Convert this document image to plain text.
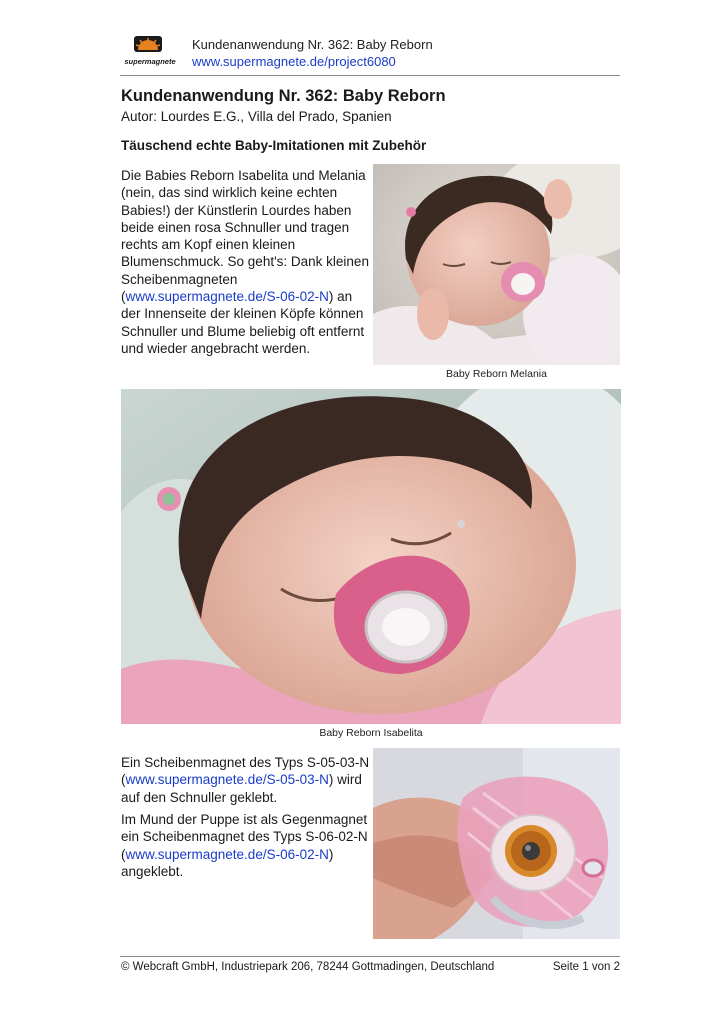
supermagnete
Kundenanwendung Nr. 362: Baby Reborn
www.supermagnete.de/project6080
Kundenanwendung Nr. 362: Baby Reborn
Autor: Lourdes E.G., Villa del Prado, Spanien
Täuschend echte Baby-Imitationen mit Zubehör
Die Babies Reborn Isabelita und Melania (nein, das sind wirklich keine echten Babies!) der Künstlerin Lourdes haben beide einen rosa Schnuller und tragen rechts am Kopf einen kleinen Blumenschmuck. So geht's: Dank kleinen Scheibenmagneten (www.supermagnete.de/S-06-02-N) an der Innenseite der kleinen Köpfe können Schnuller und Blume beliebig oft entfernt und wieder angebracht werden.
Baby Reborn Melania
Baby Reborn Isabelita
Ein Scheibenmagnet des Typs S-05-03-N (www.supermagnete.de/S-05-03-N) wird auf den Schnuller geklebt.
Im Mund der Puppe ist als Gegenmagnet ein Scheibenmagnet des Typs S-06-02-N (www.supermagnete.de/S-06-02-N) angeklebt.
© Webcraft GmbH, Industriepark 206, 78244 Gottmadingen, Deutschland	Seite 1 von 2
